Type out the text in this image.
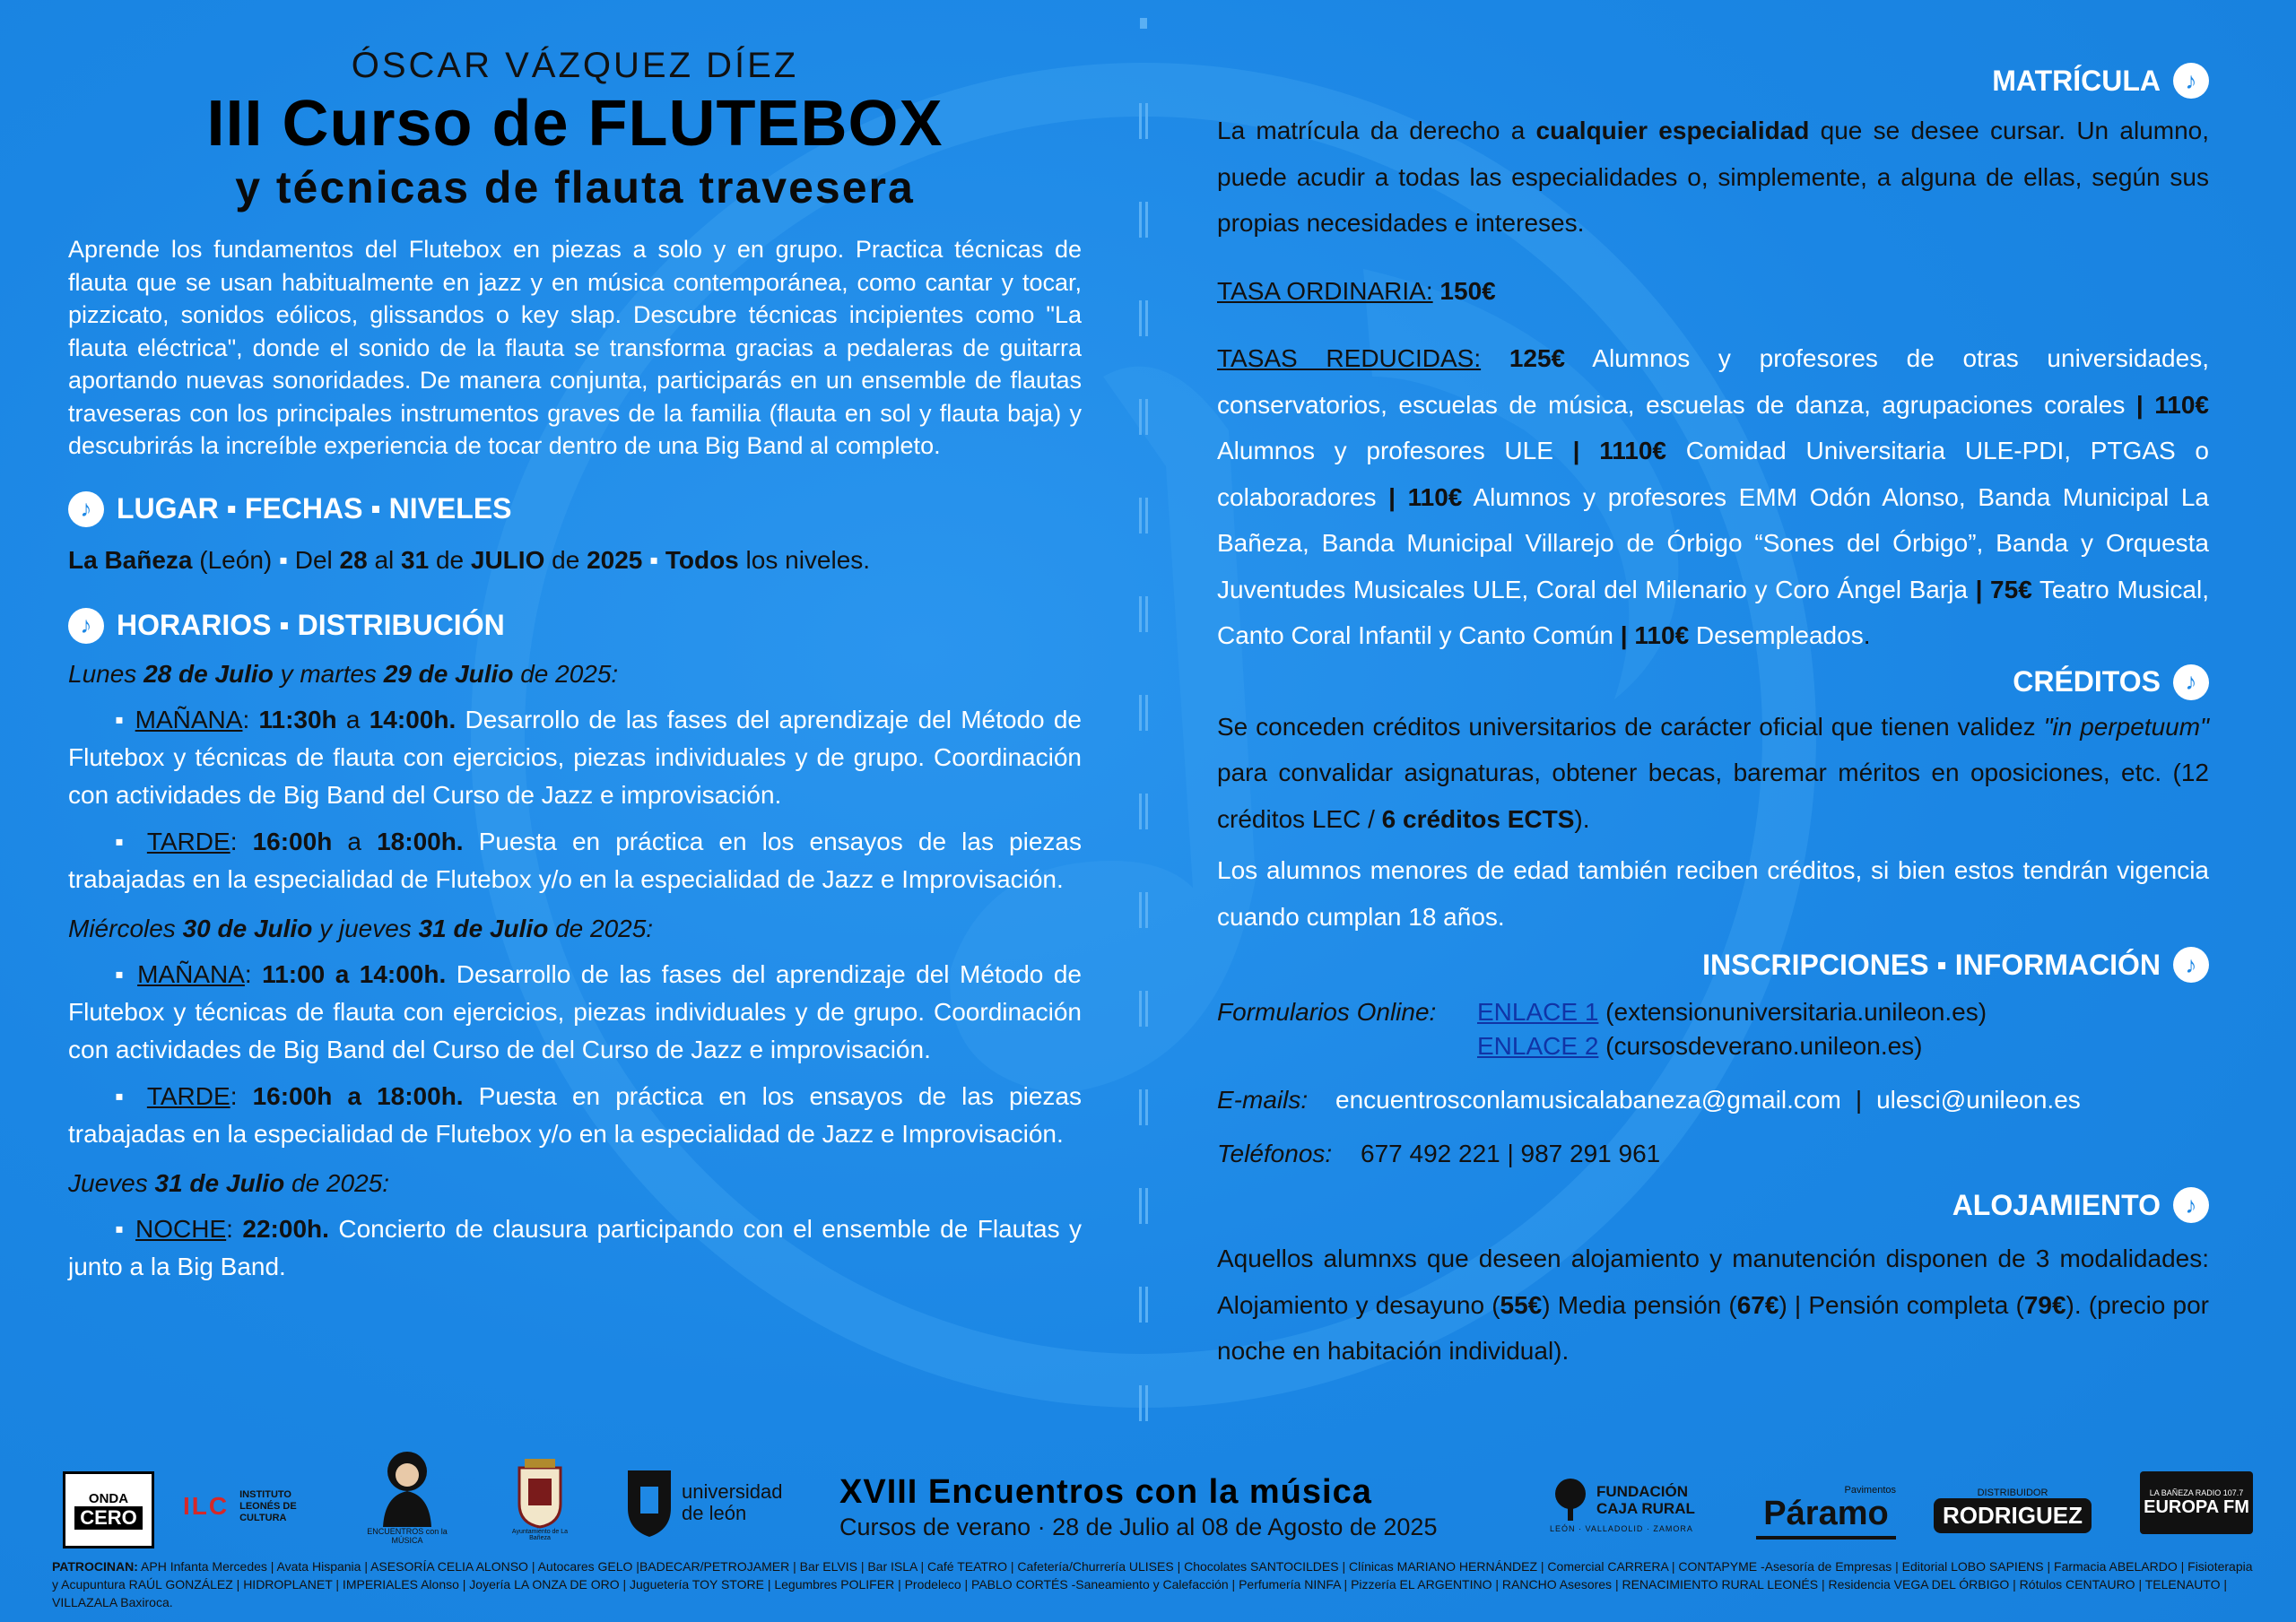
ÓSCAR VÁZQUEZ DÍEZ

III Curso de FLUTEBOX

y técnicas de flauta travesera

Aprende los fundamentos del Flutebox en piezas a solo y en grupo. Practica técnicas de flauta que se usan habitualmente en jazz y en música contemporánea, como cantar y tocar, pizzicato, sonidos eólicos, glissandos o key slap. Descubre técnicas incipientes como "La flauta eléctrica", donde el sonido de la flauta se transforma gracias a pedaleras de guitarra aportando nuevas sonoridades. De manera conjunta, participarás en un ensemble de flautas traveseras con los principales instrumentos graves de la familia (flauta en sol y flauta baja) y descubrirás la increíble experiencia de tocar dentro de una Big Band al completo.

♪ LUGAR ▪ FECHAS ▪ NIVELES
La Bañeza (León) ▪ Del 28 al 31 de JULIO de 2025 ▪ Todos los niveles.
♪ HORARIOS ▪ DISTRIBUCIÓN
Lunes 28 de Julio y martes 29 de Julio de 2025:

▪ MAÑANA: 11:30h a 14:00h. Desarrollo de las fases del aprendizaje del Método de Flutebox y técnicas de flauta con ejercicios, piezas individuales y de grupo. Coordinación con actividades de Big Band del Curso de Jazz e improvisación.

▪ TARDE: 16:00h a 18:00h. Puesta en práctica en los ensayos de las piezas trabajadas en la especialidad de Flutebox y/o en la especialidad de Jazz e Improvisación.

Miércoles 30 de Julio y jueves 31 de Julio de 2025:

▪ MAÑANA: 11:00 a 14:00h. Desarrollo de las fases del aprendizaje del Método de Flutebox y técnicas de flauta con ejercicios, piezas individuales y de grupo. Coordinación con actividades de Big Band del Curso de del Curso de Jazz e improvisación.

▪ TARDE: 16:00h a 18:00h. Puesta en práctica en los ensayos de las piezas trabajadas en la especialidad de Flutebox y/o en la especialidad de Jazz e Improvisación.

Jueves 31 de Julio de 2025:

▪ NOCHE: 22:00h. Concierto de clausura participando con el ensemble de Flautas y junto a la Big Band.

MATRÍCULA	♪

La matrícula da derecho a cualquier especialidad que se desee cursar. Un alumno, puede acudir a todas las especialidades o, simplemente, a alguna de ellas, según sus propias necesidades e intereses.

TASA ORDINARIA: 150€

TASAS REDUCIDAS: 125€ Alumnos y profesores de otras universidades, conservatorios, escuelas de música, escuelas de danza, agrupaciones corales | 110€ Alumnos y profesores ULE | 1110€ Comidad Universitaria ULE-PDI, PTGAS o colaboradores | 110€ Alumnos y profesores EMM Odón Alonso, Banda Municipal La Bañeza, Banda Municipal Villarejo de Órbigo “Sones del Órbigo”, Banda y Orquesta Juventudes Musicales ULE, Coral del Milenario y Coro Ángel Barja | 75€ Teatro Musical, Canto Coral Infantil y Canto Común | 110€ Desempleados.

CRÉDITOS	♪

Se conceden créditos universitarios de carácter oficial que tienen validez "in perpetuum" para convalidar asignaturas, obtener becas, baremar méritos en oposiciones, etc. (12 créditos LEC / 6 créditos ECTS).

Los alumnos menores de edad también reciben créditos, si bien estos tendrán vigencia cuando cumplan 18 años.

INSCRIPCIONES ▪ INFORMACIÓN	♪
Formularios Online:	ENLACE 1 (extensionuniversitaria.unileon.es)
ENLACE 2 (cursosdeverano.unileon.es)
E-mails: encuentrosconlamusicalabaneza@gmail.com | ulesci@unileon.es
Teléfonos: 677 492 221 | 987 291 961
ALOJAMIENTO	♪

Aquellos alumnxs que deseen alojamiento y manutención disponen de 3 modalidades: Alojamiento y desayuno (55€) Media pensión (67€) | Pensión completa (79€). (precio por noche en habitación individual).

ONDA
CERO ILC INSTITUTO LEONÉS DE CULTURA
ENCUENTROS con la MÚSICA
Ayuntamiento de La Bañeza
universidad
de león
FUNDACIÓN CAJA RURAL
LEÓN · VALLADOLID · ZAMORA
Pavimentos
Páramo
DISTRIBUIDOR
RODRIGUEZ
LA BAÑEZA RADIO 107.7
EUROPA FM
XVIII Encuentros con la música
Cursos de verano · 28 de Julio al 08 de Agosto de 2025
PATROCINAN: APH Infanta Mercedes | Avata Hispania | ASESORÍA CELIA ALONSO | Autocares GELO |BADECAR/PETROJAMER | Bar ELVIS | Bar ISLA | Café TEATRO | Cafetería/Churrería ULISES | Chocolates SANTOCILDES | Clínicas MARIANO HERNÁNDEZ | Comercial CARRERA | CONTAPYME -Asesoría de Empresas | Editorial LOBO SAPIENS | Farmacia ABELARDO | Fisioterapia y Acupuntura RAÚL GONZÁLEZ | HIDROPLANET | IMPERIALES Alonso | Joyería LA ONZA DE ORO | Juguetería TOY STORE | Legumbres POLIFER | Prodeleco | PABLO CORTÉS -Saneamiento y Calefacción | Perfumería NINFA | Pizzería EL ARGENTINO | RANCHO Asesores | RENACIMIENTO RURAL LEONÉS | Residencia VEGA DEL ÓRBIGO | Rótulos CENTAURO | TELENAUTO | VILLAZALA Baxiroca.
